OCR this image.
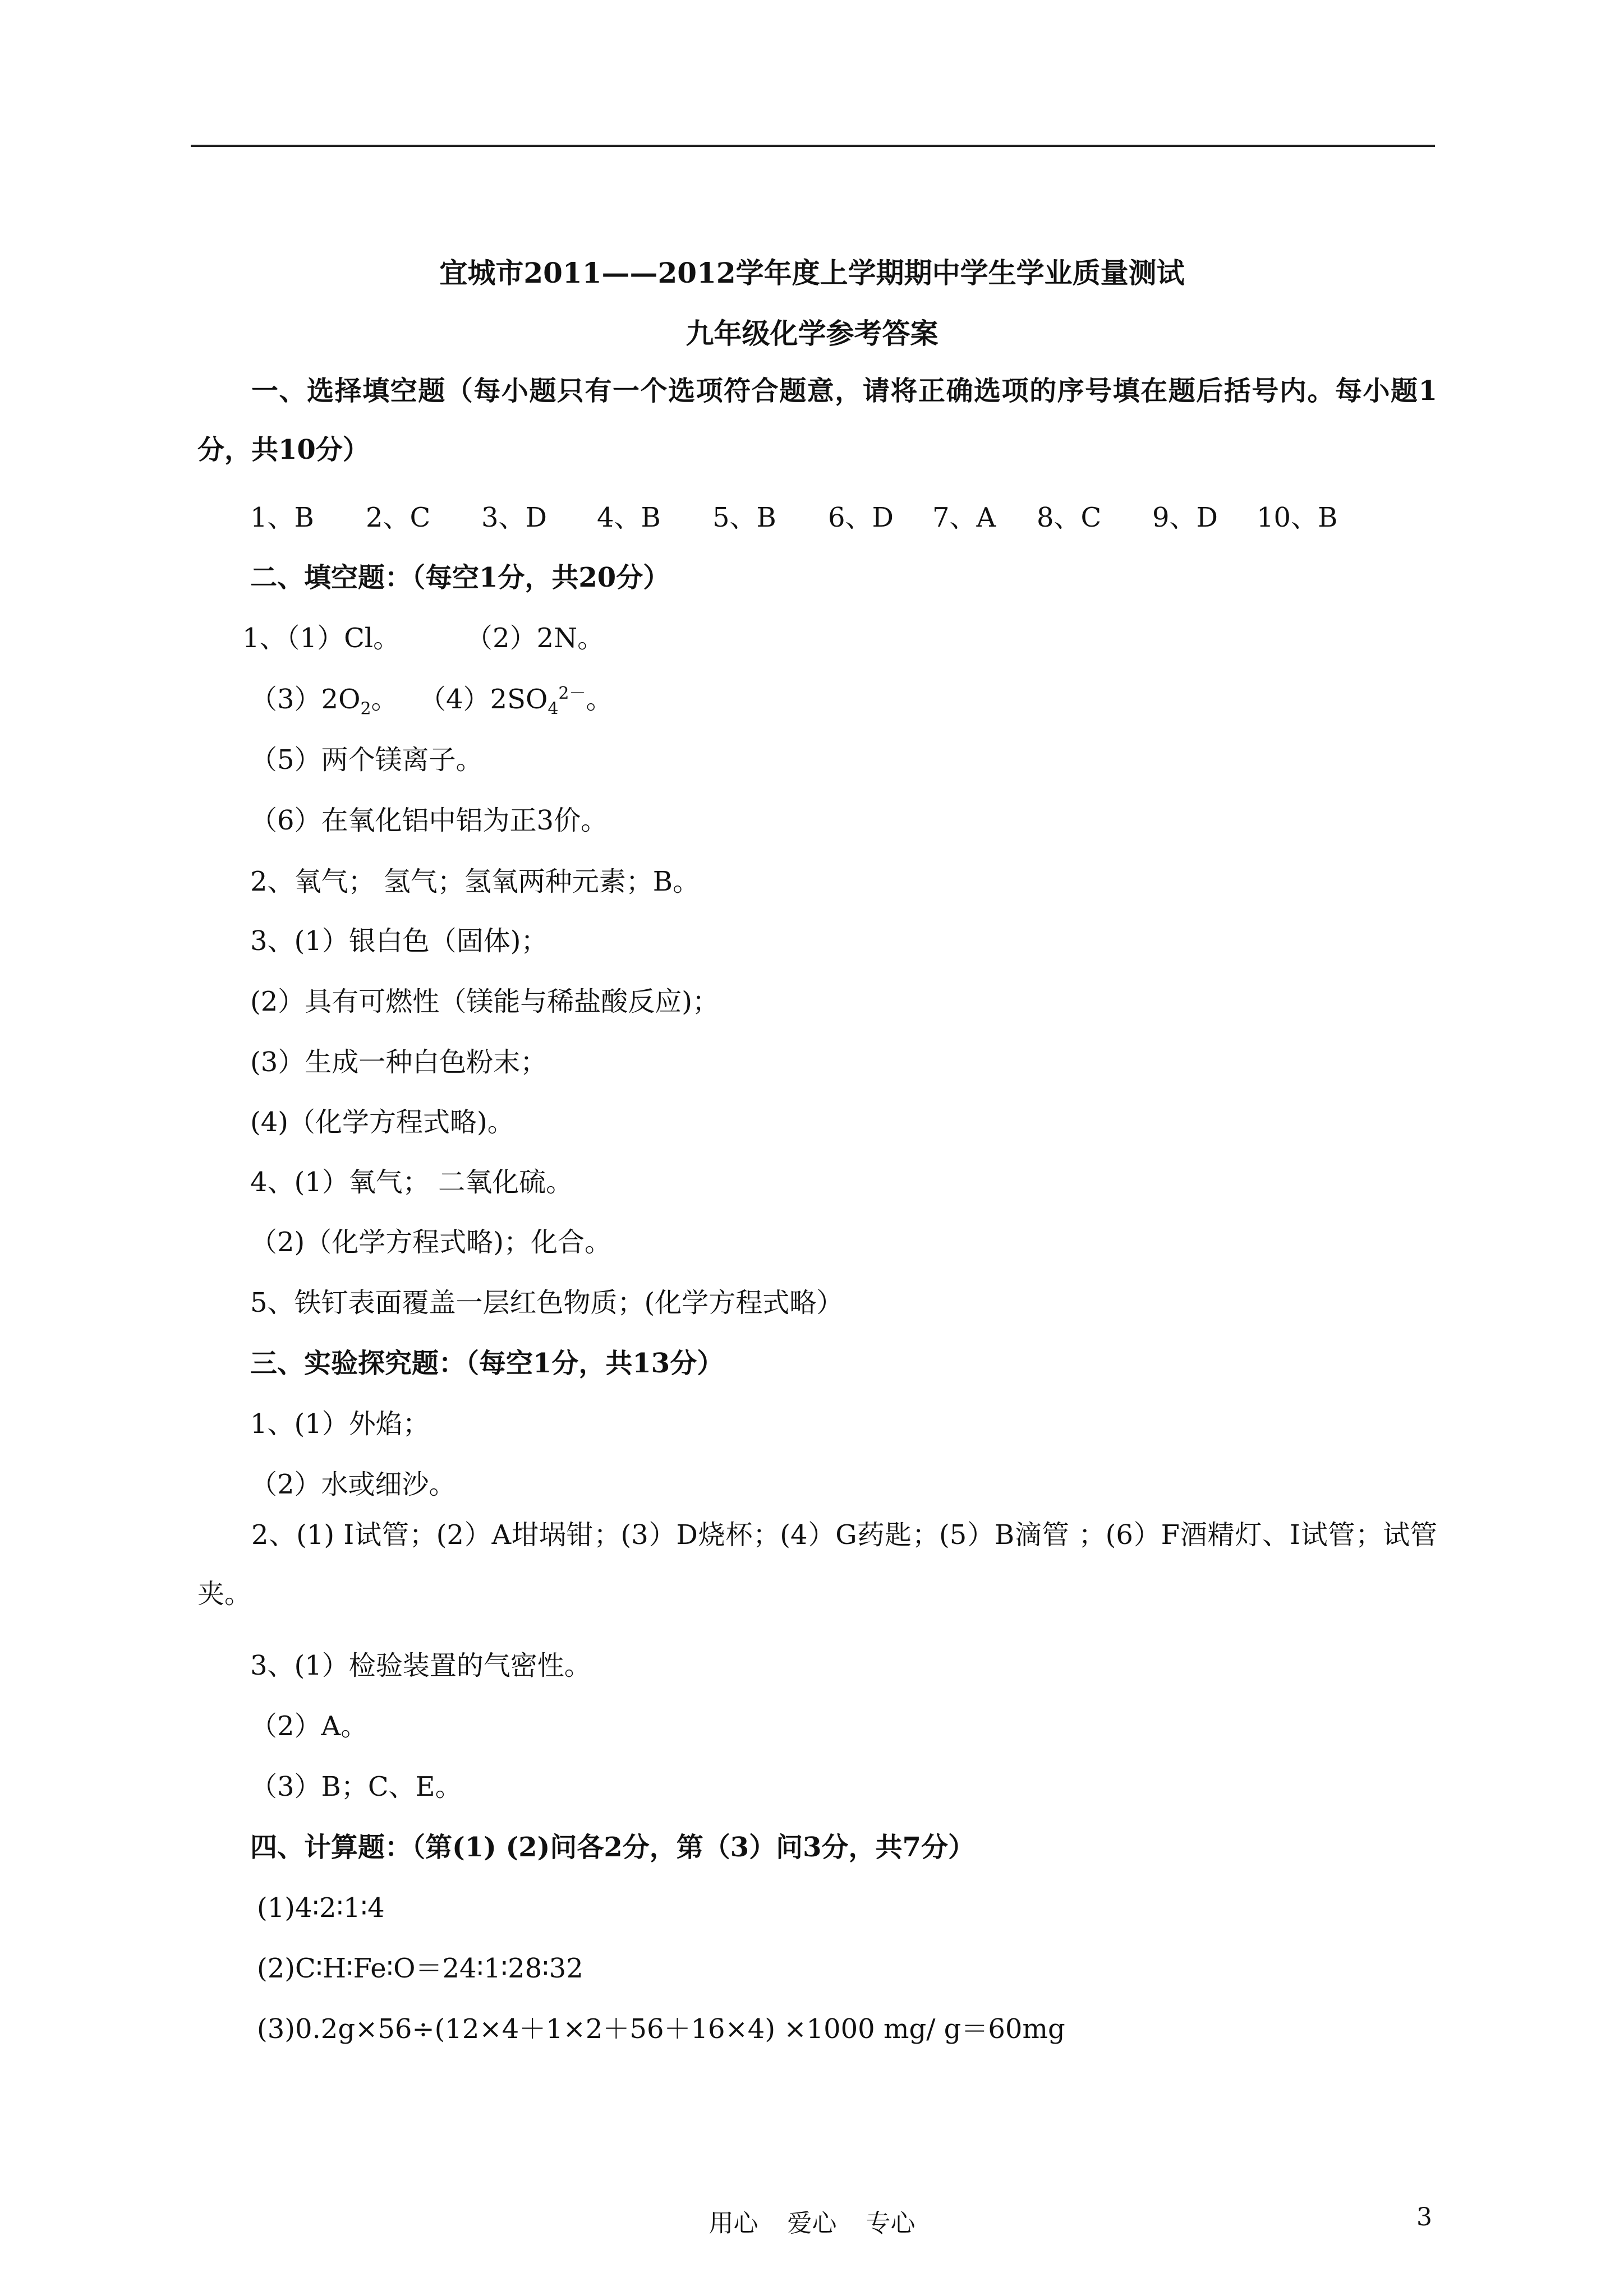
宜城市2011——2012学年度上学期期中学生学业质量测试
九年级化学参考答案
一、选择填空题（每小题只有一个选项符合题意，请将正确选项的序号填在题后括号内。每小题1分，共10分）
1、B 2、C 3、D 4、B 5、B 6、D 7、A 8、C 9、D 10、B
二、填空题：（每空1分，共20分）
1、（1）Cl。 （2）2N。
$(3)2O_2$。 $(4)2SO_4^{2-}$。
（5）两个镁离子。
（6）在氧化铝中铝为正3价。
2、氧气； 氢气；氢氧两种元素；B。
3、(1）银白色（固体)；
(2）具有可燃性（镁能与稀盐酸反应)；
(3）生成一种白色粉末；
(4)（化学方程式略)。
4、(1）氧气； 二氧化硫。
（2)（化学方程式略)；化合。
5、铁钉表面覆盖一层红色物质；(化学方程式略）
三、实验探究题：（每空1分，共13分）
1、(1）外焰；
（2）水或细沙。
2、(1) I试管；(2）A坩埚钳；(3）D烧杯；(4）G药匙；(5）B滴管 ；(6）F酒精灯、I试管；试管夹。
3、(1）检验装置的气密性。
（2）A。
（3）B；C、E。
四、计算题：（第(1) (2)问各2分，第（3）问3分，共7分）
(1)4∶2∶1∶4
(2)C∶H∶Fe∶O＝24∶1∶28∶32
(3)0.2g×56÷(12×4＋1×2＋56＋16×4) ×1000 mg/ g＝60mg
用心 爱心 专心	3
